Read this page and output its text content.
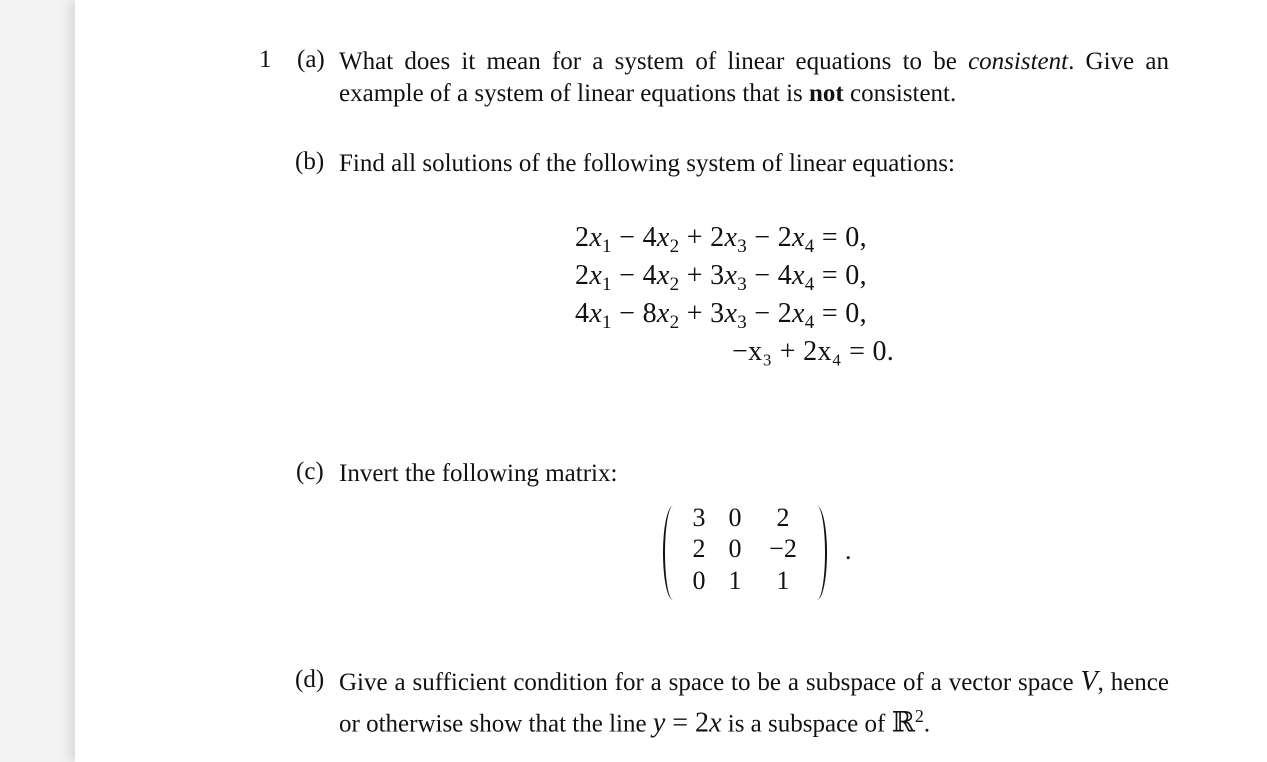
1 (a) What does it mean for a system of linear equations to be consistent. Give an
example of a system of linear equations that is not consistent.
(b) Find all solutions of the following system of linear equations:
$2x_1 - 4x_2 + 2x_3 - 2x_4 = 0$,
$2x_1 - 4x_2 + 3x_3 - 4x_4 = 0$,
$4x_1 - 8x_2 + 3x_3 - 2x_4 = 0$,
−x₃ + 2x₄ = 0.
(c) Invert the following matrix:
3 0	2
2 0	−2
0 1	1
.
(d) Give a sufficient condition for a space to be a subspace of a vector space V, hence
or otherwise show that the line y = 2x is a subspace of ℝ$^2$.
